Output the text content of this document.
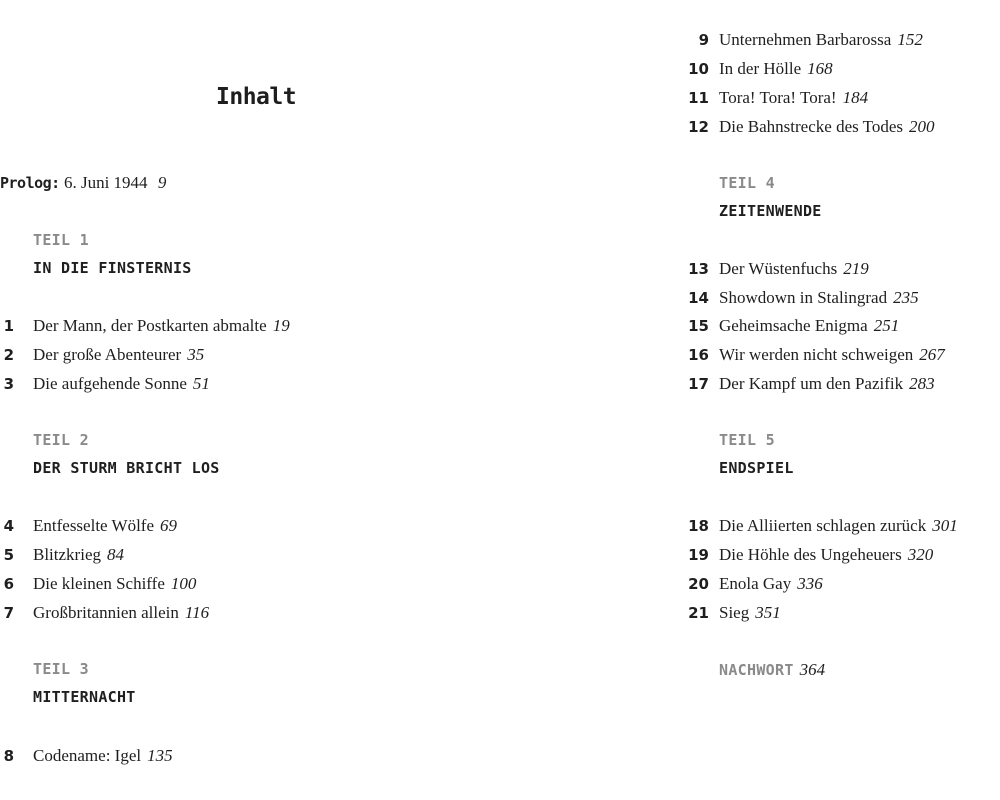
Inhalt
Prolog: 6. Juni 1944 9
TEIL 1
IN DIE FINSTERNIS
1 Der Mann, der Postkarten abmalte 19
2 Der große Abenteurer 35
3 Die aufgehende Sonne 51
TEIL 2
DER STURM BRICHT LOS
4 Entfesselte Wölfe 69
5 Blitzkrieg 84
6 Die kleinen Schiffe 100
7 Großbritannien allein 116
TEIL 3
MITTERNACHT
8 Codename: Igel 135
9 Unternehmen Barbarossa 152
10 In der Hölle 168
11 Tora! Tora! Tora! 184
12 Die Bahnstrecke des Todes 200
TEIL 4
ZEITENWENDE
13 Der Wüstenfuchs 219
14 Showdown in Stalingrad 235
15 Geheimsache Enigma 251
16 Wir werden nicht schweigen 267
17 Der Kampf um den Pazifik 283
TEIL 5
ENDSPIEL
18 Die Alliierten schlagen zurück 301
19 Die Höhle des Ungeheuers 320
20 Enola Gay 336
21 Sieg 351
NACHWORT 364
